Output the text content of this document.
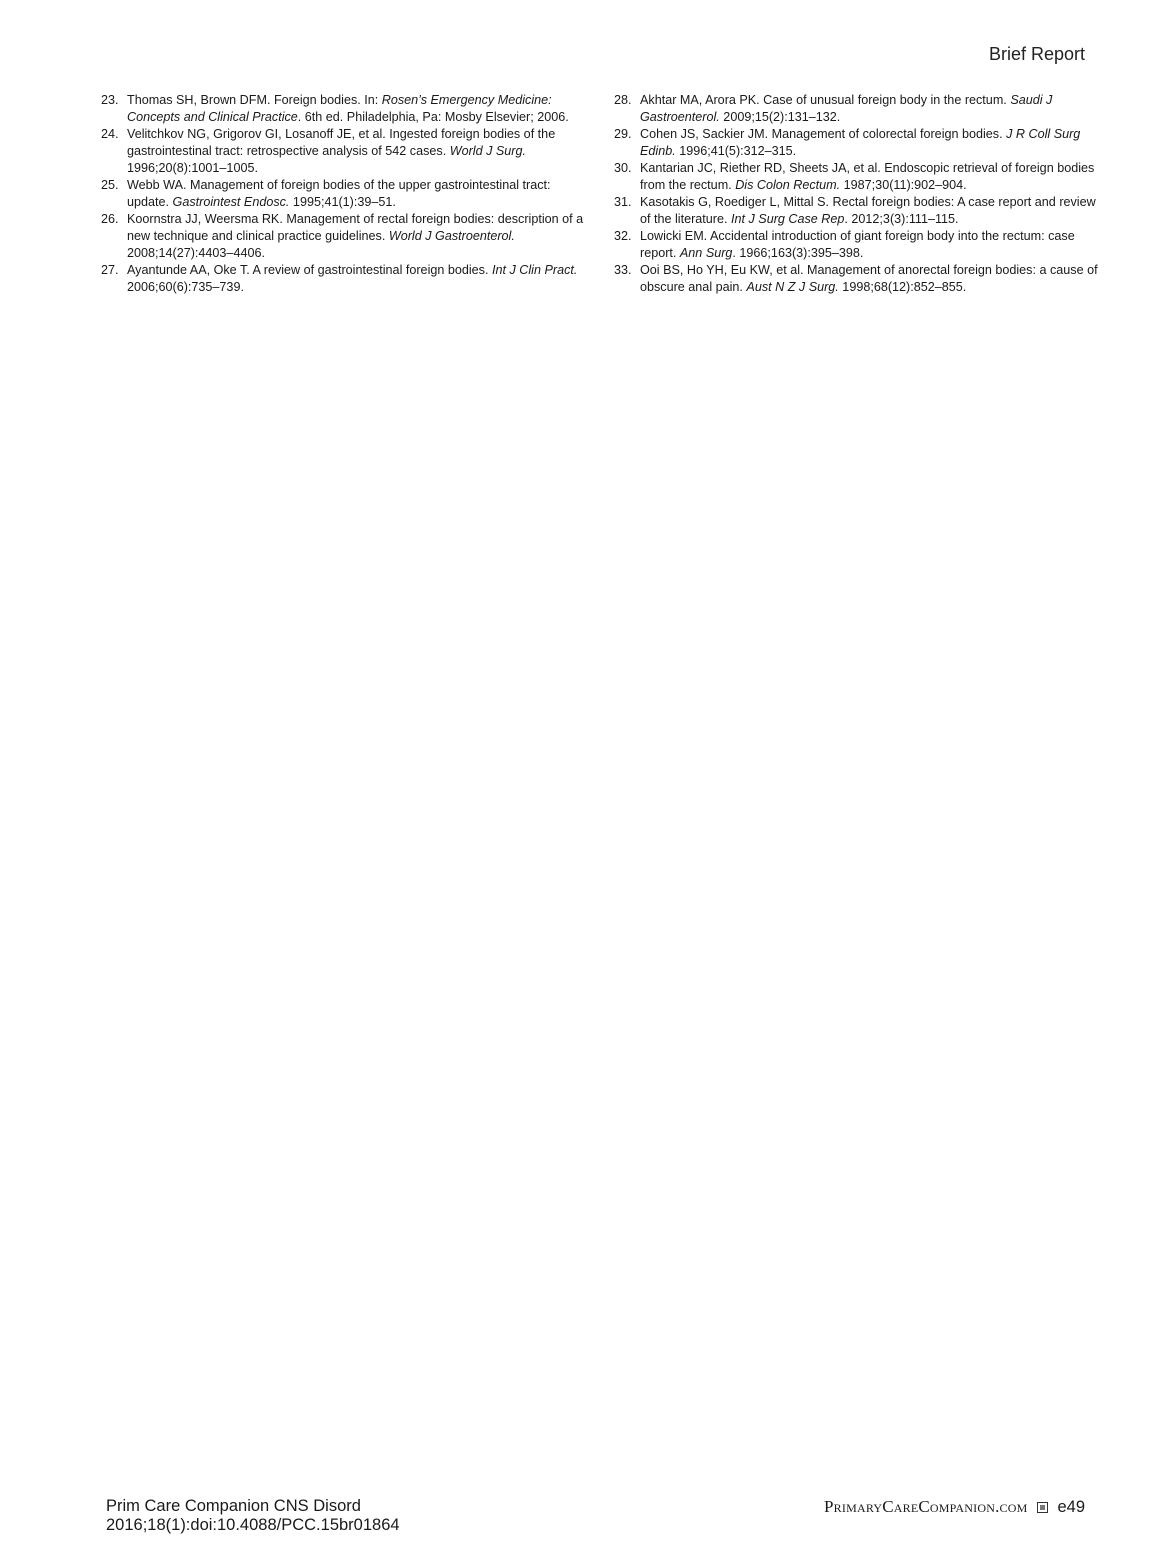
Brief Report
23. Thomas SH, Brown DFM. Foreign bodies. In: Rosen’s Emergency Medicine: Concepts and Clinical Practice. 6th ed. Philadelphia, Pa: Mosby Elsevier; 2006.
24. Velitchkov NG, Grigorov GI, Losanoff JE, et al. Ingested foreign bodies of the gastrointestinal tract: retrospective analysis of 542 cases. World J Surg. 1996;20(8):1001–1005.
25. Webb WA. Management of foreign bodies of the upper gastrointestinal tract: update. Gastrointest Endosc. 1995;41(1):39–51.
26. Koornstra JJ, Weersma RK. Management of rectal foreign bodies: description of a new technique and clinical practice guidelines. World J Gastroenterol. 2008;14(27):4403–4406.
27. Ayantunde AA, Oke T. A review of gastrointestinal foreign bodies. Int J Clin Pract. 2006;60(6):735–739.
28. Akhtar MA, Arora PK. Case of unusual foreign body in the rectum. Saudi J Gastroenterol. 2009;15(2):131–132.
29. Cohen JS, Sackier JM. Management of colorectal foreign bodies. J R Coll Surg Edinb. 1996;41(5):312–315.
30. Kantarian JC, Riether RD, Sheets JA, et al. Endoscopic retrieval of foreign bodies from the rectum. Dis Colon Rectum. 1987;30(11):902–904.
31. Kasotakis G, Roediger L, Mittal S. Rectal foreign bodies: A case report and review of the literature. Int J Surg Case Rep. 2012;3(3):111–115.
32. Lowicki EM. Accidental introduction of giant foreign body into the rectum: case report. Ann Surg. 1966;163(3):395–398.
33. Ooi BS, Ho YH, Eu KW, et al. Management of anorectal foreign bodies: a cause of obscure anal pain. Aust N Z J Surg. 1998;68(12):852–855.
Prim Care Companion CNS Disord
2016;18(1):doi:10.4088/PCC.15br01864
PrimaryCareCompanion.com e49
